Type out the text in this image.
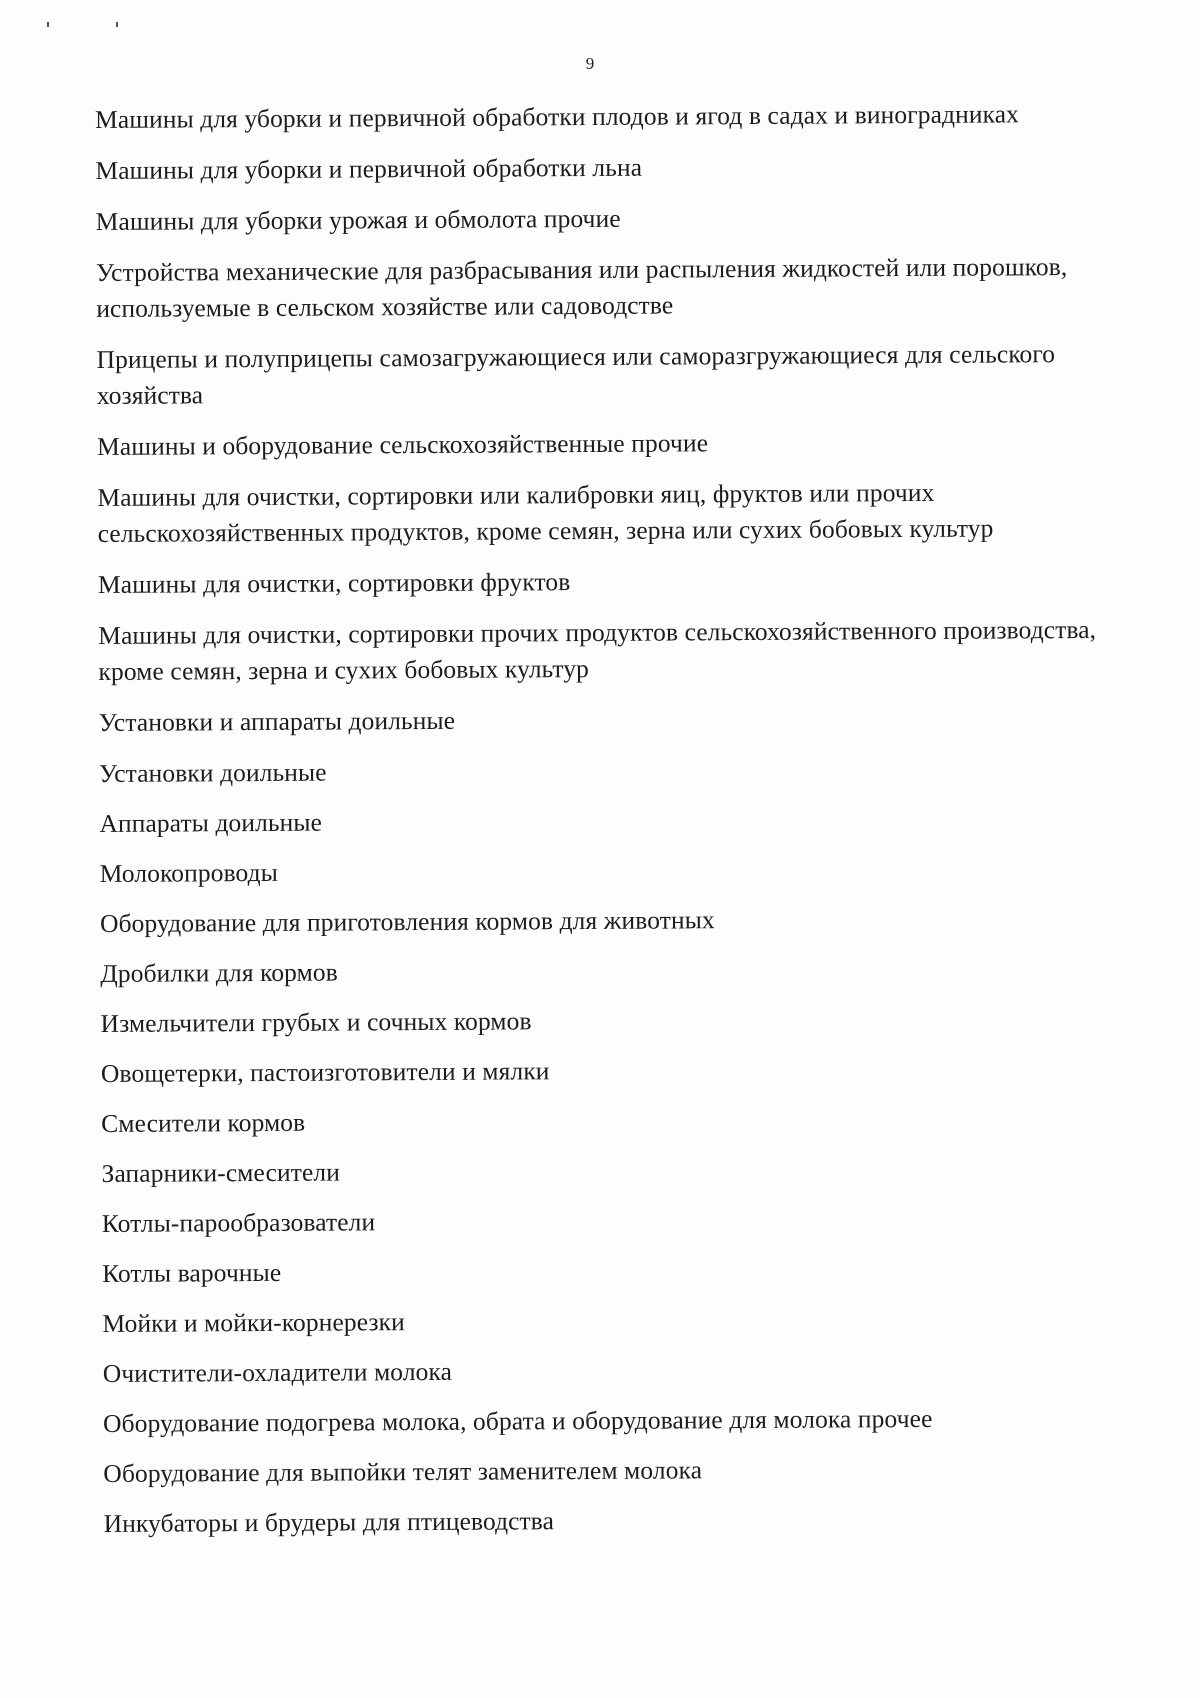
9
Машины для уборки и первичной обработки плодов и ягод в садах и виноградниках
Машины для уборки и первичной обработки льна
Машины для уборки урожая и обмолота прочие
Устройства механические для разбрасывания или распыления жидкостей или порошков, используемые в сельском хозяйстве или садоводстве
Прицепы и полуприцепы самозагружающиеся или саморазгружающиеся для сельского хозяйства
Машины и оборудование сельскохозяйственные прочие
Машины для очистки, сортировки или калибровки яиц, фруктов или прочих сельскохозяйственных продуктов, кроме семян, зерна или сухих бобовых культур
Машины для очистки, сортировки фруктов
Машины для очистки, сортировки прочих продуктов сельскохозяйственного производства, кроме семян, зерна и сухих бобовых культур
Установки и аппараты доильные
Установки доильные
Аппараты доильные
Молокопроводы
Оборудование для приготовления кормов для животных
Дробилки для кормов
Измельчители грубых и сочных кормов
Овощетерки, пастоизготовители и мялки
Смесители кормов
Запарники-смесители
Котлы-парообразователи
Котлы варочные
Мойки и мойки-корнерезки
Очистители-охладители молока
Оборудование подогрева молока, обрата и оборудование для молока прочее
Оборудование для выпойки телят заменителем молока
Инкубаторы и брудеры для птицеводства
